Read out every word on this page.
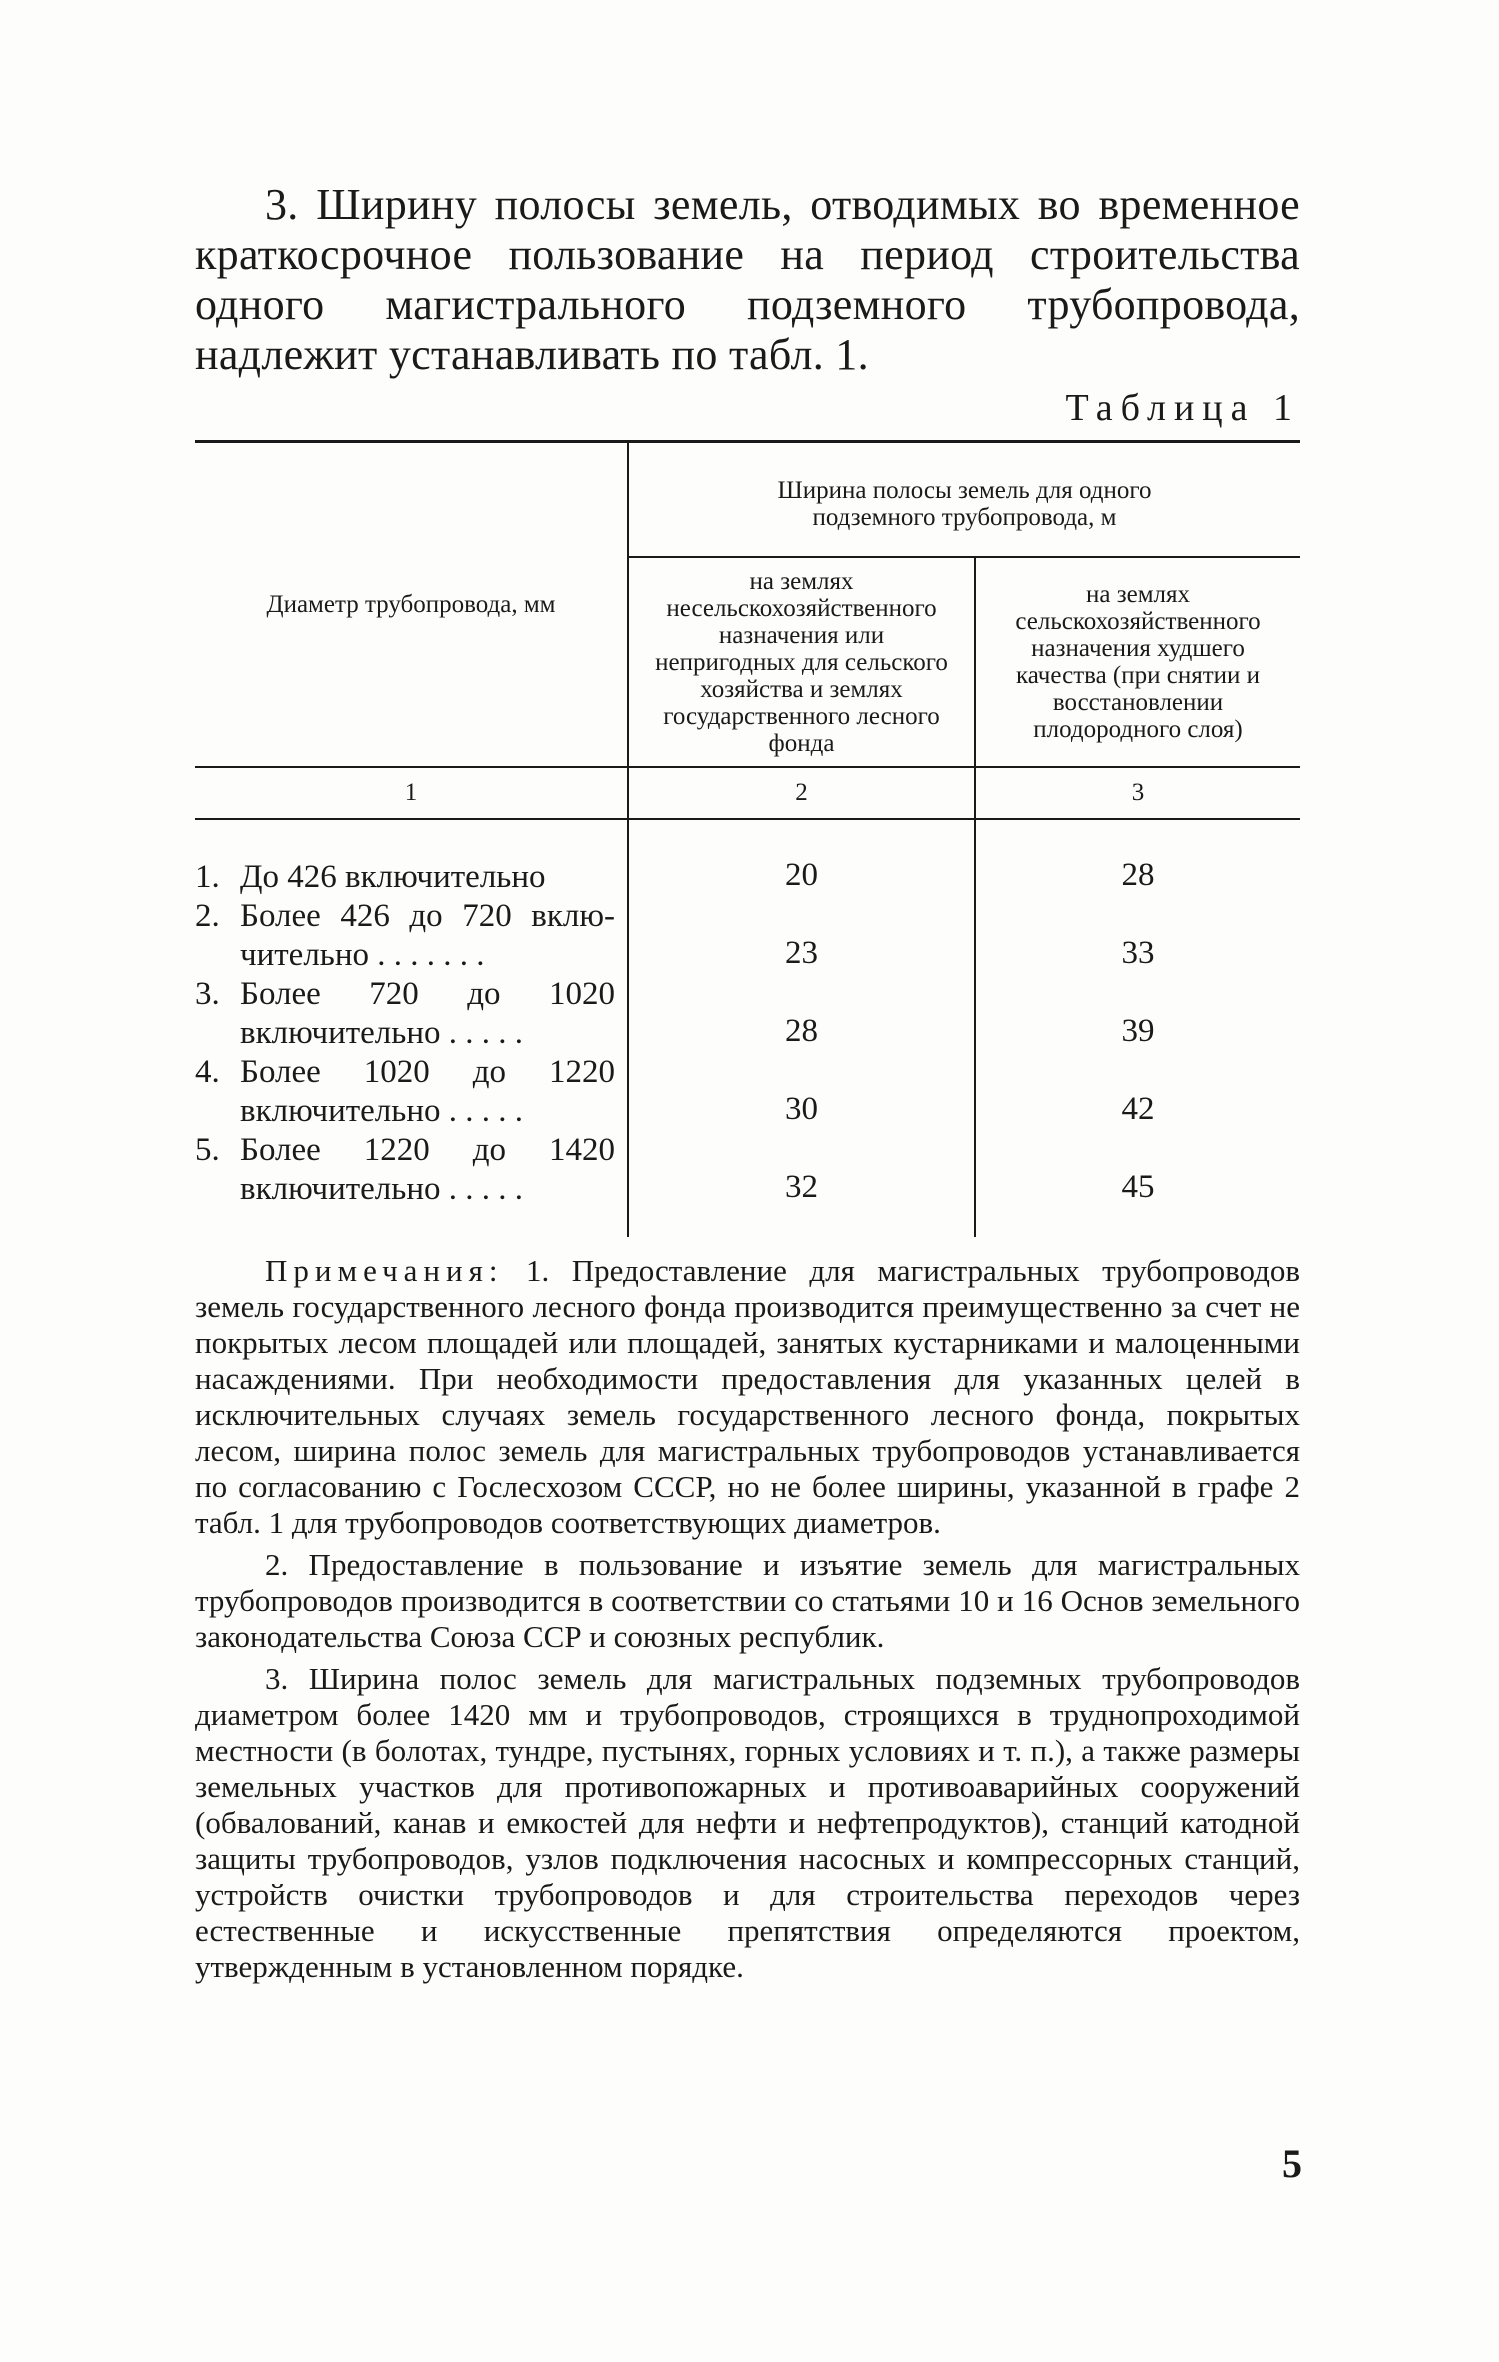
3. Ширину полосы земель, отводимых во временное краткосрочное пользование на период строительства одного магистрального подземного трубопровода, надлежит устанавливать по табл. 1.

Таблица 1
Диаметр трубопровода, мм	Ширина полосы земель для одного подземного трубопровода, м	

	на землях несельскохозяйственного назначения или непригодных для сельского хозяйства и землях государственного лесного фонда	на землях сельскохозяйственного назначения худшего качества (при снятии и восстановлении плодородного слоя)

1	2	3

1. До 426 включительно	20	28

2. Более 426 до 720 вклю-
чительно . . . . . . .	23	33

3. Более 720 до 1020
включительно . . . . .	28	39

4. Более 1020 до 1220
включительно . . . . .	30	42

5. Более 1220 до 1420
включительно . . . . .	32	45

Примечания: 1. Предоставление для магистральных трубопроводов земель государственного лесного фонда производится преимущественно за счет не покрытых лесом площадей или площадей, занятых кустарниками и малоценными насаждениями. При необходимости предоставления для указанных целей в исключительных случаях земель государственного лесного фонда, покрытых лесом, ширина полос земель для магистральных трубопроводов устанавливается по согласованию с Гослесхозом СССР, но не более ширины, указанной в графе 2 табл. 1 для трубопроводов соответствующих диаметров.

2. Предоставление в пользование и изъятие земель для магистральных трубопроводов производится в соответствии со статьями 10 и 16 Основ земельного законодательства Союза ССР и союзных республик.

3. Ширина полос земель для магистральных подземных трубопроводов диаметром более 1420 мм и трубопроводов, строящихся в труднопроходимой местности (в болотах, тундре, пустынях, горных условиях и т. п.), а также размеры земельных участков для противопожарных и противоаварийных сооружений (обвалований, канав и емкостей для нефти и нефтепродуктов), станций катодной защиты трубопроводов, узлов подключения насосных и компрессорных станций, устройств очистки трубопроводов и для строительства переходов через естественные и искусственные препятствия определяются проектом, утвержденным в установленном порядке.

5
